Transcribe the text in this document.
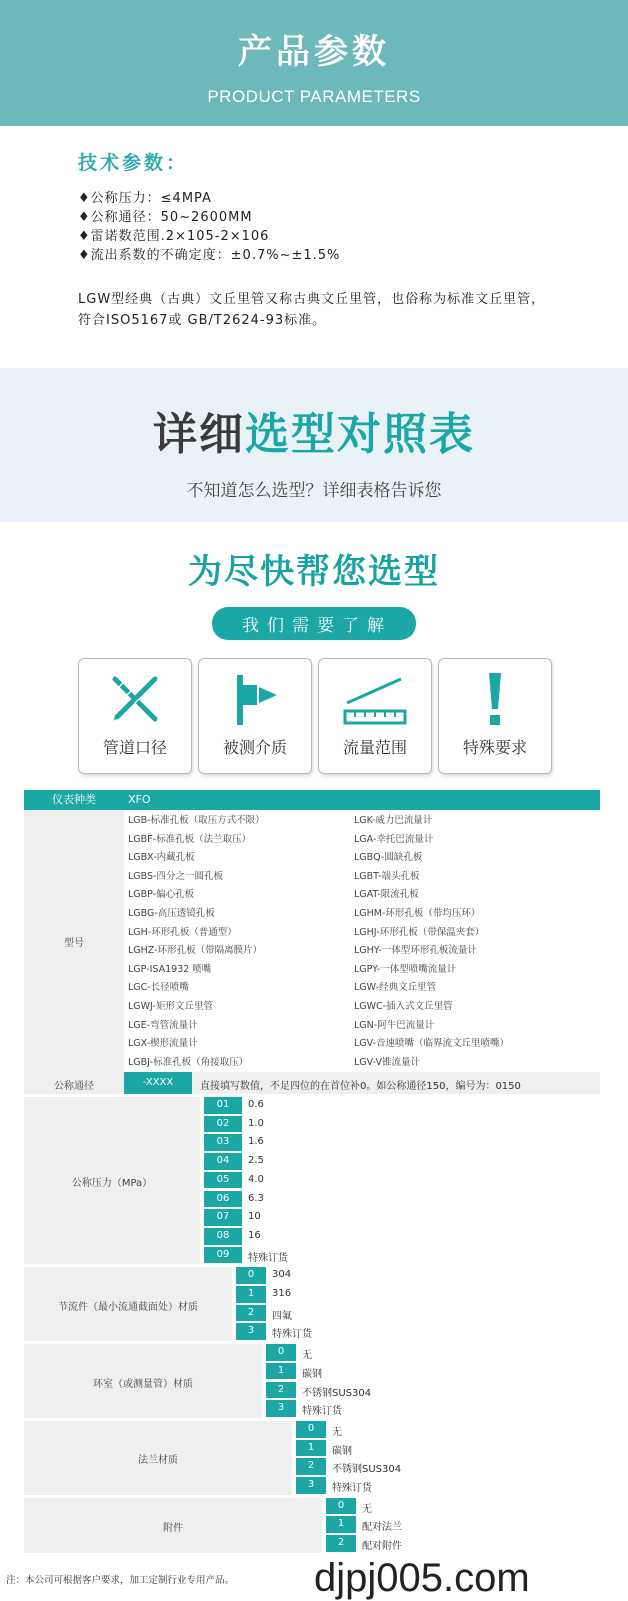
产品参数
PRODUCT PARAMETERS
技术参数：
♦公称压力：≤4MPA
♦公称通径：50~2600MM
♦雷诺数范围.2×105-2×106
♦流出系数的不确定度：±0.7%~±1.5%
LGW型经典（古典）文丘里管又称古典文丘里管，也俗称为标准文丘里管，符合ISO5167或 GB/T2624-93标准。
详细选型对照表
不知道怎么选型？详细表格告诉您
为尽快帮您选型
我们需要了解
管道口径	被测介质	流量范围	特殊要求
仪表种类	XFO
型号
LGB-标准孔板（取压方式不限）	LGK-威力巴流量计
LGBF-标准孔板（法兰取压）	LGA-幸托巴流量计
LGBX-内藏孔板	LGBQ-圆缺孔板
LGBS-四分之一圆孔板	LGBT-端头孔板
LGBP-偏心孔板	LGAT-限流孔板
LGBG-高压透镜孔板	LGHM-环形孔板（带均压环）
LGH-环形孔板（普通型）	LGHJ-环形孔板（带保温夹套）
LGHZ-环形孔板（带隔离膜片）	LGHY-一体型环形孔板流量计
LGP-ISA1932 喷嘴	LGPY-一体型喷嘴流量计
LGC-长径喷嘴	LGW-经典文丘里管
LGWJ-矩形文丘里管	LGWC-插入式文丘里管
LGE-弯管流量计	LGN-阿牛巴流量计
LGX-楔形流量计	LGV-音速喷嘴（临界流文丘里喷嘴）
LGBJ-标准孔板（角接取压）	LGV-V锥流量计
公称通径	-XXXX	直接填写数值，不足四位的在首位补0。如公称通径150，编号为：0150
公称压力（MPa）
01	0.6
02	1.0
03	1.6
04	2.5
05	4.0
06	6.3
07	10
08	16
09	特殊订货
节流件（最小流通截面处）材质
0	304
1	316
2	四氟
3	特殊订货
环室（或测量管）材质
0	无
1	碳钢
2	不锈钢SUS304
3	特殊订货
法兰材质
0	无
1	碳钢
2	不锈钢SUS304
3	特殊订货
附件
0	无
1	配对法兰
2	配对附件
注：本公司可根据客户要求，加工定制行业专用产品。 djpj005.com
